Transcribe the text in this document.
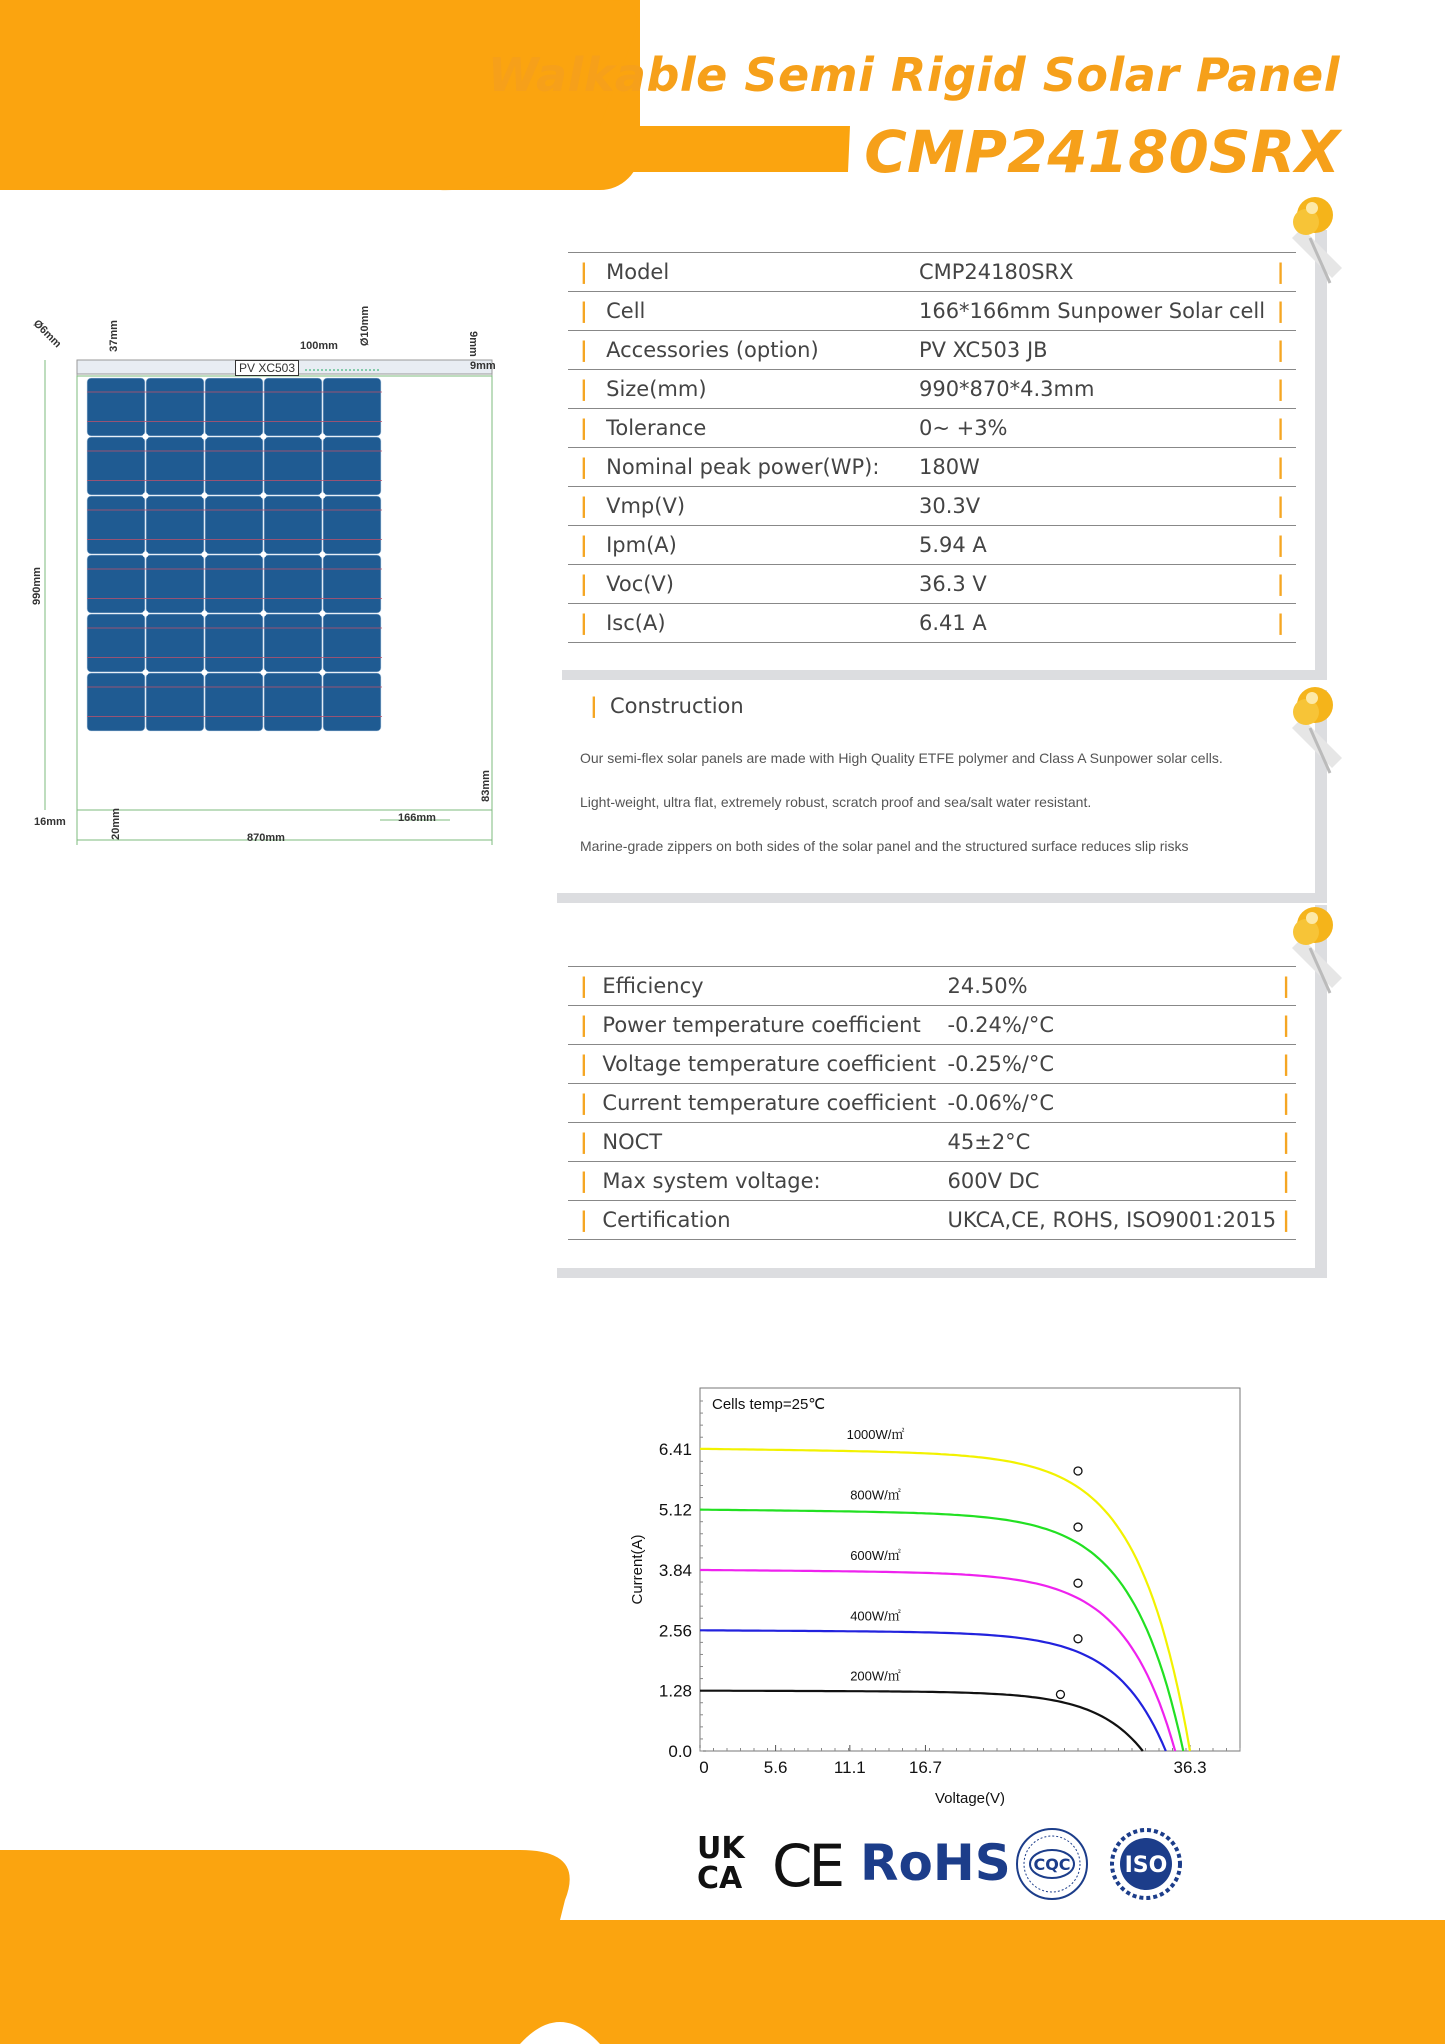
Walkable Semi Rigid Solar Panel
CMP24180SRX
PV XC503
Ø6mm	37mm	100mm Ø10mm	9mm
9mm
990mm
83mm
16mm	20mm	166mm
870mm
|	Model	CMP24180SRX	|
|	Cell	166*166mm Sunpower Solar cell	|
|	Accessories (option)	PV XC503 JB	|
|	Size(mm)	990*870*4.3mm	|
|	Tolerance	0~ +3%	|
|	Nominal peak power(WP):	180W	|
|	Vmp(V)	30.3V	|
|	Ipm(A)	5.94 A	|
|	Voc(V)	36.3 V	|
|	Isc(A)	6.41 A	|
| Construction
Our semi-flex solar panels are made with High Quality ETFE polymer and Class A Sunpower solar cells.
Light-weight, ultra flat, extremely robust, scratch proof and sea/salt water resistant.
Marine-grade zippers on both sides of the solar panel and the structured surface reduces slip risks
|	Efficiency	24.50%	|
|	Power temperature coefficient	-0.24%/°C	|
|	Voltage temperature coefficient	-0.25%/°C	|
|	Current temperature coefficient	-0.06%/°C	|
|	NOCT	45±2°C	|
|	Max system voltage:	600V DC	|
|	Certification	UKCA,CE, ROHS, ISO9001:2015	|
0.0
1.28
2.56
3.84
5.12
6.41
0	5.6	11.1	16.7	36.3
Cells temp=25℃
Voltage(V)
Current(A)
1000W/㎡
800W/㎡
600W/㎡
400W/㎡
200W/㎡
UK
CA CE RoHS CQC ISO
